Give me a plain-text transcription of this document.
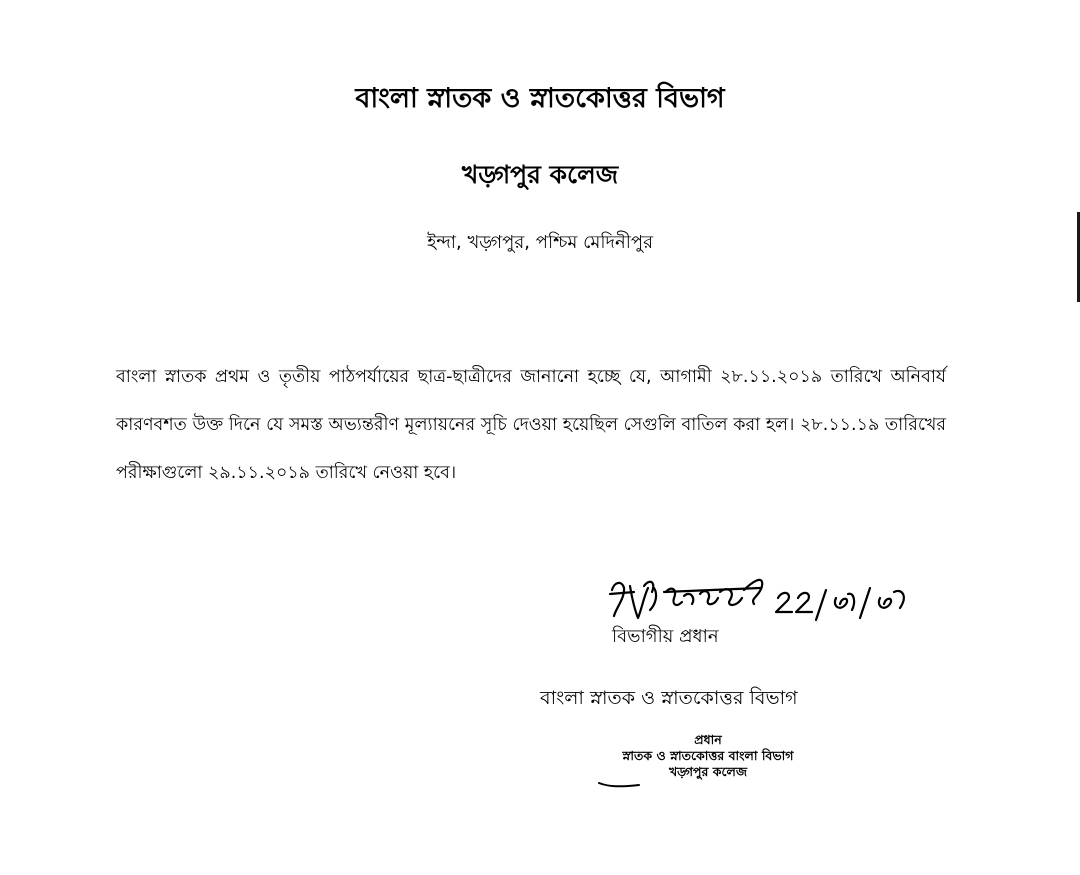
বাংলা স্নাতক ও স্নাতকোত্তর বিভাগ
খড়্গপুর কলেজ
ইন্দা, খড়্গপুর, পশ্চিম মেদিনীপুর
বাংলা স্নাতক প্রথম ও তৃতীয় পাঠপর্যায়ের ছাত্র-ছাত্রীদের জানানো হচ্ছে যে, আগামী ২৮.১১.২০১৯ তারিখে অনিবার্য কারণবশত উক্ত দিনে যে সমস্ত অভ্যন্তরীণ মূল্যায়নের সূচি দেওয়া হয়েছিল সেগুলি বাতিল করা হল। ২৮.১১.১৯ তারিখের পরীক্ষাগুলো ২৯.১১.২০১৯ তারিখে নেওয়া হবে।
বিভাগীয় প্রধান
বাংলা স্নাতক ও স্নাতকোত্তর বিভাগ
প্রধান
স্নাতক ও স্নাতকোত্তর বাংলা বিভাগ
খড়্গপুর কলেজ
